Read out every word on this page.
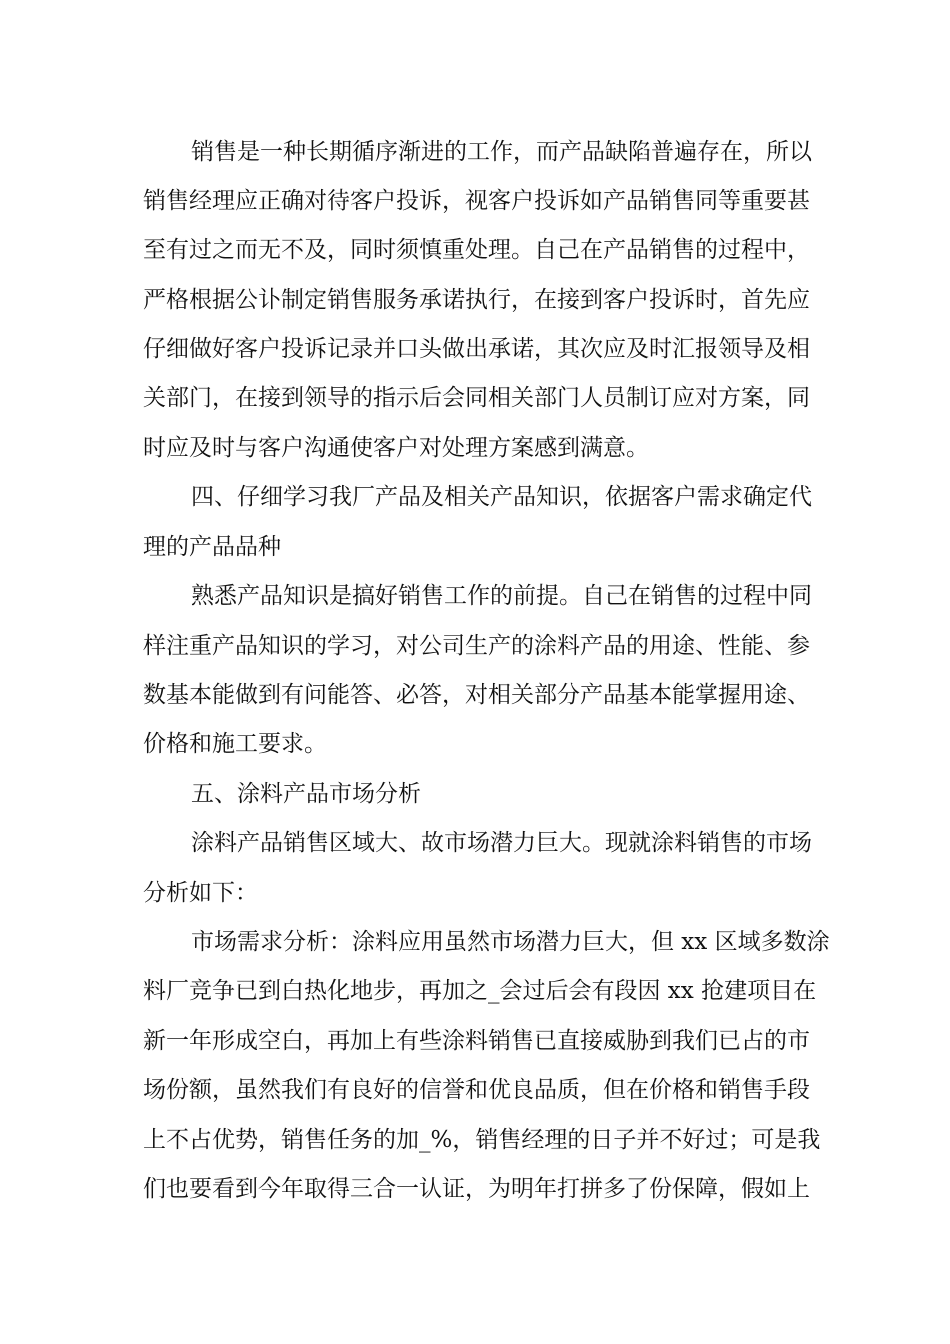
销售是一种长期循序渐进的工作，而产品缺陷普遍存在，所以
销售经理应正确对待客户投诉，视客户投诉如产品销售同等重要甚
至有过之而无不及，同时须慎重处理。自己在产品销售的过程中，
严格根据公讣制定销售服务承诺执行，在接到客户投诉时，首先应
仔细做好客户投诉记录并口头做出承诺，其次应及时汇报领导及相
关部门，在接到领导的指示后会同相关部门人员制订应对方案，同
时应及时与客户沟通使客户对处理方案感到满意。
四、仔细学习我厂产品及相关产品知识，依据客户需求确定代
理的产品品种
熟悉产品知识是搞好销售工作的前提。自己在销售的过程中同
样注重产品知识的学习，对公司生产的涂料产品的用途、性能、参
数基本能做到有问能答、必答，对相关部分产品基本能掌握用途、
价格和施工要求。
五、涂料产品市场分析
涂料产品销售区域大、故市场潜力巨大。现就涂料销售的市场
分析如下：
市场需求分析：涂料应用虽然市场潜力巨大，但 xx 区域多数涂
料厂竞争已到白热化地步，再加之_会过后会有段因 xx 抢建项目在
新一年形成空白，再加上有些涂料销售已直接威胁到我们已占的市
场份额，虽然我们有良好的信誉和优良品质，但在价格和销售手段
上不占优势，销售任务的加_%，销售经理的日子并不好过；可是我
们也要看到今年取得三合一认证，为明年打拼多了份保障，假如上
